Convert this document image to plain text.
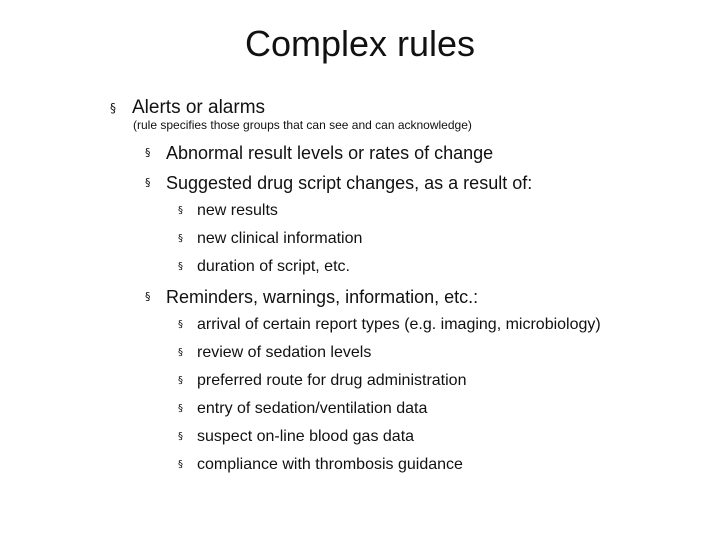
Complex rules
§ Alerts or alarms
(rule specifies those groups that can see and can acknowledge)
§ Abnormal result levels or rates of change
§ Suggested drug script changes, as a result of:
§ new results
§ new clinical information
§ duration of script, etc.
§ Reminders, warnings, information, etc.:
§ arrival of certain report types (e.g. imaging, microbiology)
§ review of sedation levels
§ preferred route for drug administration
§ entry of sedation/ventilation data
§ suspect on-line blood gas data
§ compliance with thrombosis guidance
